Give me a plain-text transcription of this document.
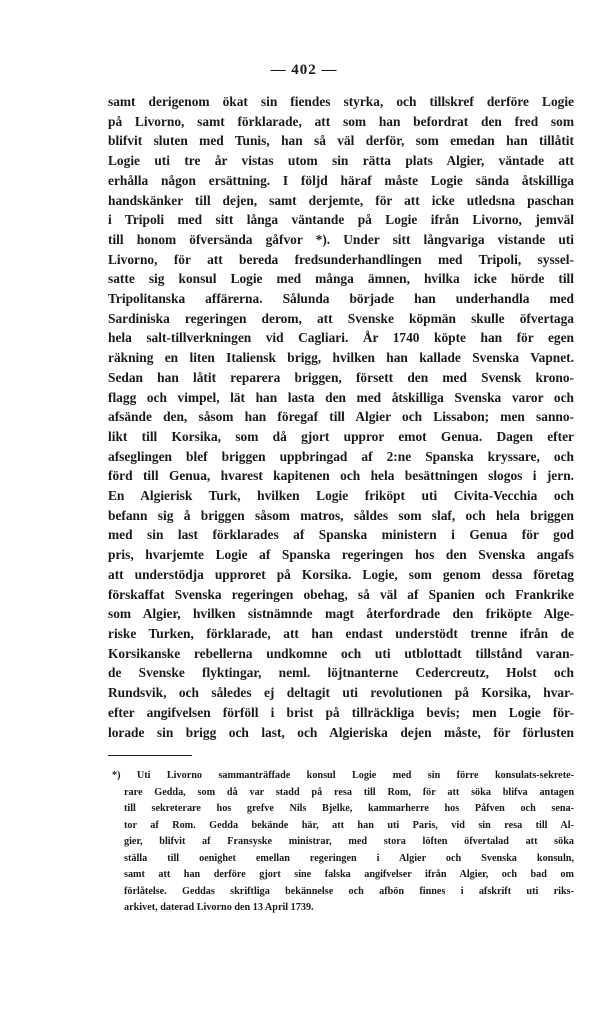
— 402 —
samt derigenom ökat sin fiendes styrka, och tillskref derföre Logie
på Livorno, samt förklarade, att som han befordrat den fred som
blifvit sluten med Tunis, han så väl derför, som emedan han tillåtit
Logie uti tre år vistas utom sin rätta plats Algier, väntade att
erhålla någon ersättning. I följd häraf måste Logie sända åtskilliga
handskänker till dejen, samt derjemte, för att icke utledsna paschan
i Tripoli med sitt långa väntande på Logie ifrån Livorno, jemväl
till honom öfversända gåfvor *). Under sitt långvariga vistande uti
Livorno, för att bereda fredsunderhandlingen med Tripoli, syssel-
satte sig konsul Logie med många ämnen, hvilka icke hörde till
Tripolitanska affärerna. Sålunda började han underhandla med
Sardiniska regeringen derom, att Svenske köpmän skulle öfvertaga
hela salt-tillverkningen vid Cagliari. År 1740 köpte han för egen
räkning en liten Italiensk brigg, hvilken han kallade Svenska Vapnet.
Sedan han låtit reparera briggen, försett den med Svensk krono-
flagg och vimpel, lät han lasta den med åtskilliga Svenska varor och
afsände den, såsom han föregaf till Algier och Lissabon; men sanno-
likt till Korsika, som då gjort uppror emot Genua. Dagen efter
afseglingen blef briggen uppbringad af 2:ne Spanska kryssare, och
förd till Genua, hvarest kapitenen och hela besättningen slogos i jern.
En Algierisk Turk, hvilken Logie friköpt uti Civita-Vecchia och
befann sig å briggen såsom matros, såldes som slaf, och hela briggen
med sin last förklarades af Spanska ministern i Genua för god
pris, hvarjemte Logie af Spanska regeringen hos den Svenska angafs
att understödja upproret på Korsika. Logie, som genom dessa företag
förskaffat Svenska regeringen obehag, så väl af Spanien och Frankrike
som Algier, hvilken sistnämnde magt återfordrade den friköpte Alge-
riske Turken, förklarade, att han endast understödt trenne ifrån de
Korsikanske rebellerna undkomne och uti utblottadt tillstånd varan-
de Svenske flyktingar, neml. löjtnanterne Cedercreutz, Holst och
Rundsvik, och således ej deltagit uti revolutionen på Korsika, hvar-
efter angifvelsen förföll i brist på tillräckliga bevis; men Logie för-
lorade sin brigg och last, och Algieriska dejen måste, för förlusten
*) Uti Livorno sammanträffade konsul Logie med sin förre konsulats-sekrete-
rare Gedda, som då var stadd på resa till Rom, för att söka blifva antagen
till sekreterare hos grefve Nils Bjelke, kammarherre hos Påfven och sena-
tor af Rom. Gedda bekände här, att han uti Paris, vid sin resa till Al-
gier, blifvit af Fransyske ministrar, med stora löften öfvertalad att söka
ställa till oenighet emellan regeringen i Algier och Svenska konsuln,
samt att han derföre gjort sine falska angifvelser ifrån Algier, och bad om
förlåtelse. Geddas skriftliga bekännelse och afbön finnes i afskrift uti riks-
arkivet, daterad Livorno den 13 April 1739.
